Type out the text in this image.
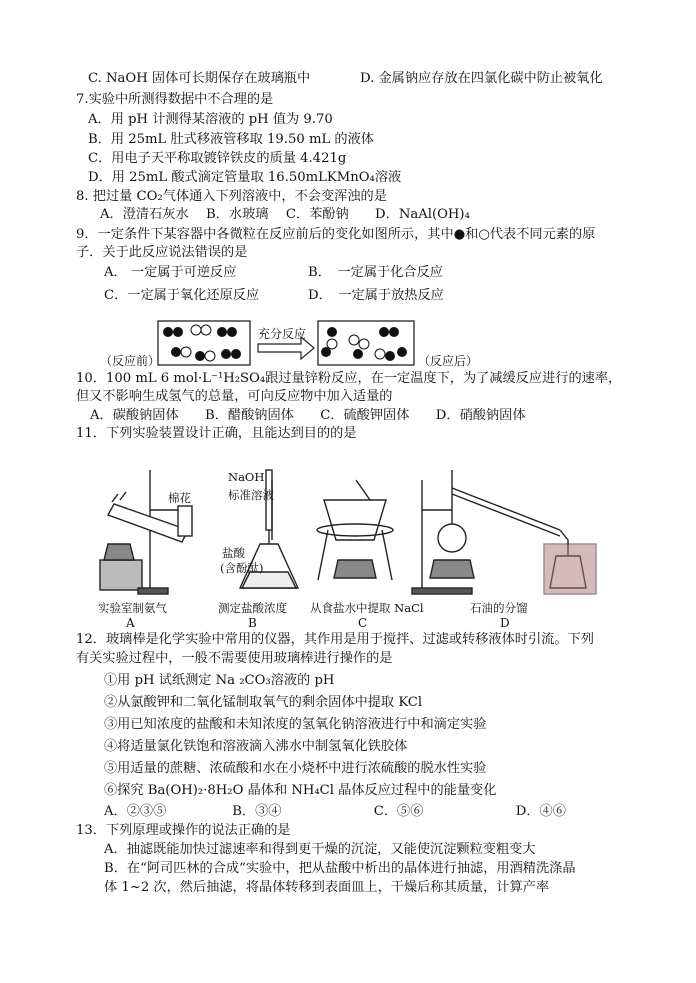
C. NaOH 固体可长期保存在玻璃瓶中	D. 金属钠应存放在四氯化碳中防止被氧化
7.实验中所测得数据中不合理的是
A．用 pH 计测得某溶液的 pH 值为 9.70
B．用 25mL 肚式移液管移取 19.50 mL 的液体
C．用电子天平称取镀锌铁皮的质量 4.421g
D．用 25mL 酸式滴定管量取 16.50mLKMnO₄溶液
8. 把过量 CO₂气体通入下列溶液中，不会变浑浊的是
A．澄清石灰水　 B．水玻璃　 C．苯酚钠　　D．NaAl(OH)₄
9．一定条件下某容器中各微粒在反应前后的变化如图所示，其中●和○代表不同元素的原
子．关于此反应说法错误的是
A． 一定属于可逆反应	B．　一定属于化合反应
C．一定属于氧化还原反应	D．　一定属于放热反应
10．100 mL 6 mol·L⁻¹H₂SO₄跟过量锌粉反应，在一定温度下，为了减缓反应进行的速率，
但又不影响生成氢气的总量，可向反应物中加入适量的
A．碳酸钠固体　　B．醋酸钠固体　　C．硫酸钾固体　　D．硝酸钠固体
11．下列实验装置设计正确，且能达到目的的是
12．玻璃棒是化学实验中常用的仪器，其作用是用于搅拌、过滤或转移液体时引流。下列
有关实验过程中，一般不需要使用玻璃棒进行操作的是
①用 pH 试纸测定 Na ₂CO₃溶液的 pH
②从氯酸钾和二氧化锰制取氧气的剩余固体中提取 KCl
③用已知浓度的盐酸和未知浓度的氢氧化钠溶液进行中和滴定实验
④将适量氯化铁饱和溶液滴入沸水中制氢氧化铁胶体
⑤用适量的蔗糖、浓硫酸和水在小烧杯中进行浓硫酸的脱水性实验
⑥探究 Ba(OH)₂·8H₂O 晶体和 NH₄Cl 晶体反应过程中的能量变化
A．②③⑤　　　　　B．③④　　　　　　　C．⑤⑥　　　　　　　D．④⑥
13．下列原理或操作的说法正确的是
A．抽滤既能加快过滤速率和得到更干燥的沉淀，又能使沉淀颗粒变粗变大
B．在“阿司匹林的合成”实验中，把从盐酸中析出的晶体进行抽滤，用酒精洗涤晶
体 1~2 次，然后抽滤，将晶体转移到表面皿上，干燥后称其质量，计算产率
（反应前）
充分反应
（反应后）
棉花
NaOH
标准溶液
盐酸
(含酚酞)
实验室制氨气	测定盐酸浓度 从食盐水中提取 NaCl	石油的分馏
A	B	C	D
